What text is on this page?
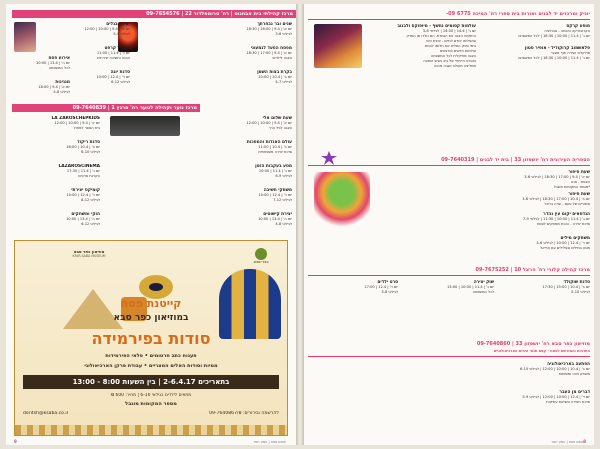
מרכז קהילתי בית אבחנוט | רח' טרומפלדור 22 | 09-7654576
שנים ובר נבחרתך

יום א' | 9.4 | 16:00 | 18:30

לגילאי 3-6

מפסח הסעד לגמעוני

יום א' | 9.4 | 17:00 | 18:30

הצגה לילדים

בקרת בצות השמן

יום ב' | 10.4 | 10:00

לגילאי 4-7

יצירה בגלים

יום א' | 9.4 | 10:00 | 12:00

לגילאי 5-9

דיגיטל קרפט

יום ג' | 11.4 | 11:00

הבנה וחשיבה יצירתית

סדנת יוגה

יום ד' | 12.4 | 10:00

לגילאי 6-12

אירוע פסח

יום ה' | 13.4 | 10:00

לכל המשפחה

מנגינות

יום א' | 9.4 | 18:00

לגילאי 4-8

מרכז נוער וקהילה לנוער רח' פרנץ 1 | 09-7640839
שעת שלום אלי

יום א' | 9.4 | 10:00 | 12:00

הצגה לגיל הרך

עולם האגדות והמסכות

יום ב' | 10.4 | 11:00

סדנת יצירה משפחתית

מסע בעקבות הזמן

יום ג' | 11.4 | 10:00

לגילאי 6-9

משחקי חשיבה

יום ד' | 12.4 | 10:00

לגילאי 7-12

יצירת קישוטים

יום ה' | 13.4 | 10:00

לגילאי 4-8

LA ZAROSCHEPKIDS

יום א' | 9.4 | 10:00 | 12:00

בית הספר למחול

סדנת ריקוד

יום ב' | 10.4 | 16:00

לגילאי 6-10

LAZAROSCINEMA

יום ג' | 11.4 | 17:30

הקרנת סרטים

קומיקס יצירתי

יום ד' | 12.4 | 10:00

לגילאי 8-12

הוקי ומשחקים

יום ה' | 13.4 | 10:00

לגילאי 6-12

כפר-סבא
מוזיאון כפר סבא
KFAR-SABA MUSEUM
קייטנת פסח
במוזיאון כפר סבא
סודות בפירמידה
פענוח כתב חרטומים • פלאי הפירמידות
ממיות וסודות האלים המצריים • עבודת פרקן הארכיאולוגי
בתאריכים 2-6.4.17 | בין השעות 8:00 - 13:00
מתאים לילדים בגילאי 6-10 | מחיר: 600 ₪
מספר המקומות מוגבל
להרשמה ובירורים: 09-7640867/8
doritsh@ksaba.co.il
חופש פסח | עמק חפר
9
יוניק ומרכזים יד לבנים ואורות בית ספרי רח' המיכה 6775 09-
מופע קרקס

אקרובטיקה וחכמה - אבולציה

יום ג' | 11.4 | 10:00 | 18:30 | לכל המשפחה

פלאשמוב קרוקודיל - אופיר סטון

פולקלור ושירה תוף סובבי

יום ג' | 11.4 | 10:00 | 18:30 | לכל המשפחה

עולמות קסומים נחשף - מיופוקס ולבנוב

יום ג' | 14.4 | 14:00 | לגילאי 3-6

החזקים כיבגה את הגמדת. הם נולדו מן הסדק

שהצליחו אודם לחיים - שיבת הים

בימי סינק הפליט את חלומו לבנות

עולמות חדשים ומרגשים

הצגה מוזיקלית לכל המשפחה

והסרט הייחודי של ביב מגיש הופעה

ממליצה מעולה ושבה מהנה

הספריה העירונית רח' יושפזון 33 | בית יד לבנים | 09-7640319
שעת סיפור

יום א' | 9.4 | 17:00 | 18:30 | לגילאי 3-6

הצגות - אנה

*מספר המקומות מוגבל

שעת סיפור

יום ב' | 10.4 | 17:00 | 18:30 | לגילאי 3-6

סיפורים של פעם - שרה בראל

הנדסאים יקום עץ נהדר

יום ג' | 11.4 | 10:00 | 11:30 | לגילאי 7-9

סדנת יצירה - הכנת ממתקים לפסח

משחקים מילים

יום ד' | 12.4 | 10:00 | לגילאי 3-6

מסע במילים ובצלילים עם אריאל

מרכז קהילה קלורי רח' הרצל 10 | 09-7675252
סדנת שוקולד

יום ב' | 10.4 | 15:00 | 17:30

לגילאי 5-10

שוק יצירה

יום ג' | 11.4 | 10:00 | 13:00

לכל המשפחה

סרט ילדים

יום ד' | 12.4 | 17:00

לגילאי 3-8

מוזיאון כפר סבא רח' יושפזון 33 | 09-7640860

התרבות והמורשת לפסח - קסם תנאי הימים הארכיאולוגיים

הפתעה בארכיאולוגיה

יום ב' | 10.4 | 10:00 | 12:00 | לגילאי 6-10

משחק ניווט ומשימות

דברים מן העבר

יום ד' | 12.4 | 10:00 | 12:00 | לגילאי 5-9

סדנת חפירה ומציאת עתיקות

חופש פסח | עמק חפר 8
